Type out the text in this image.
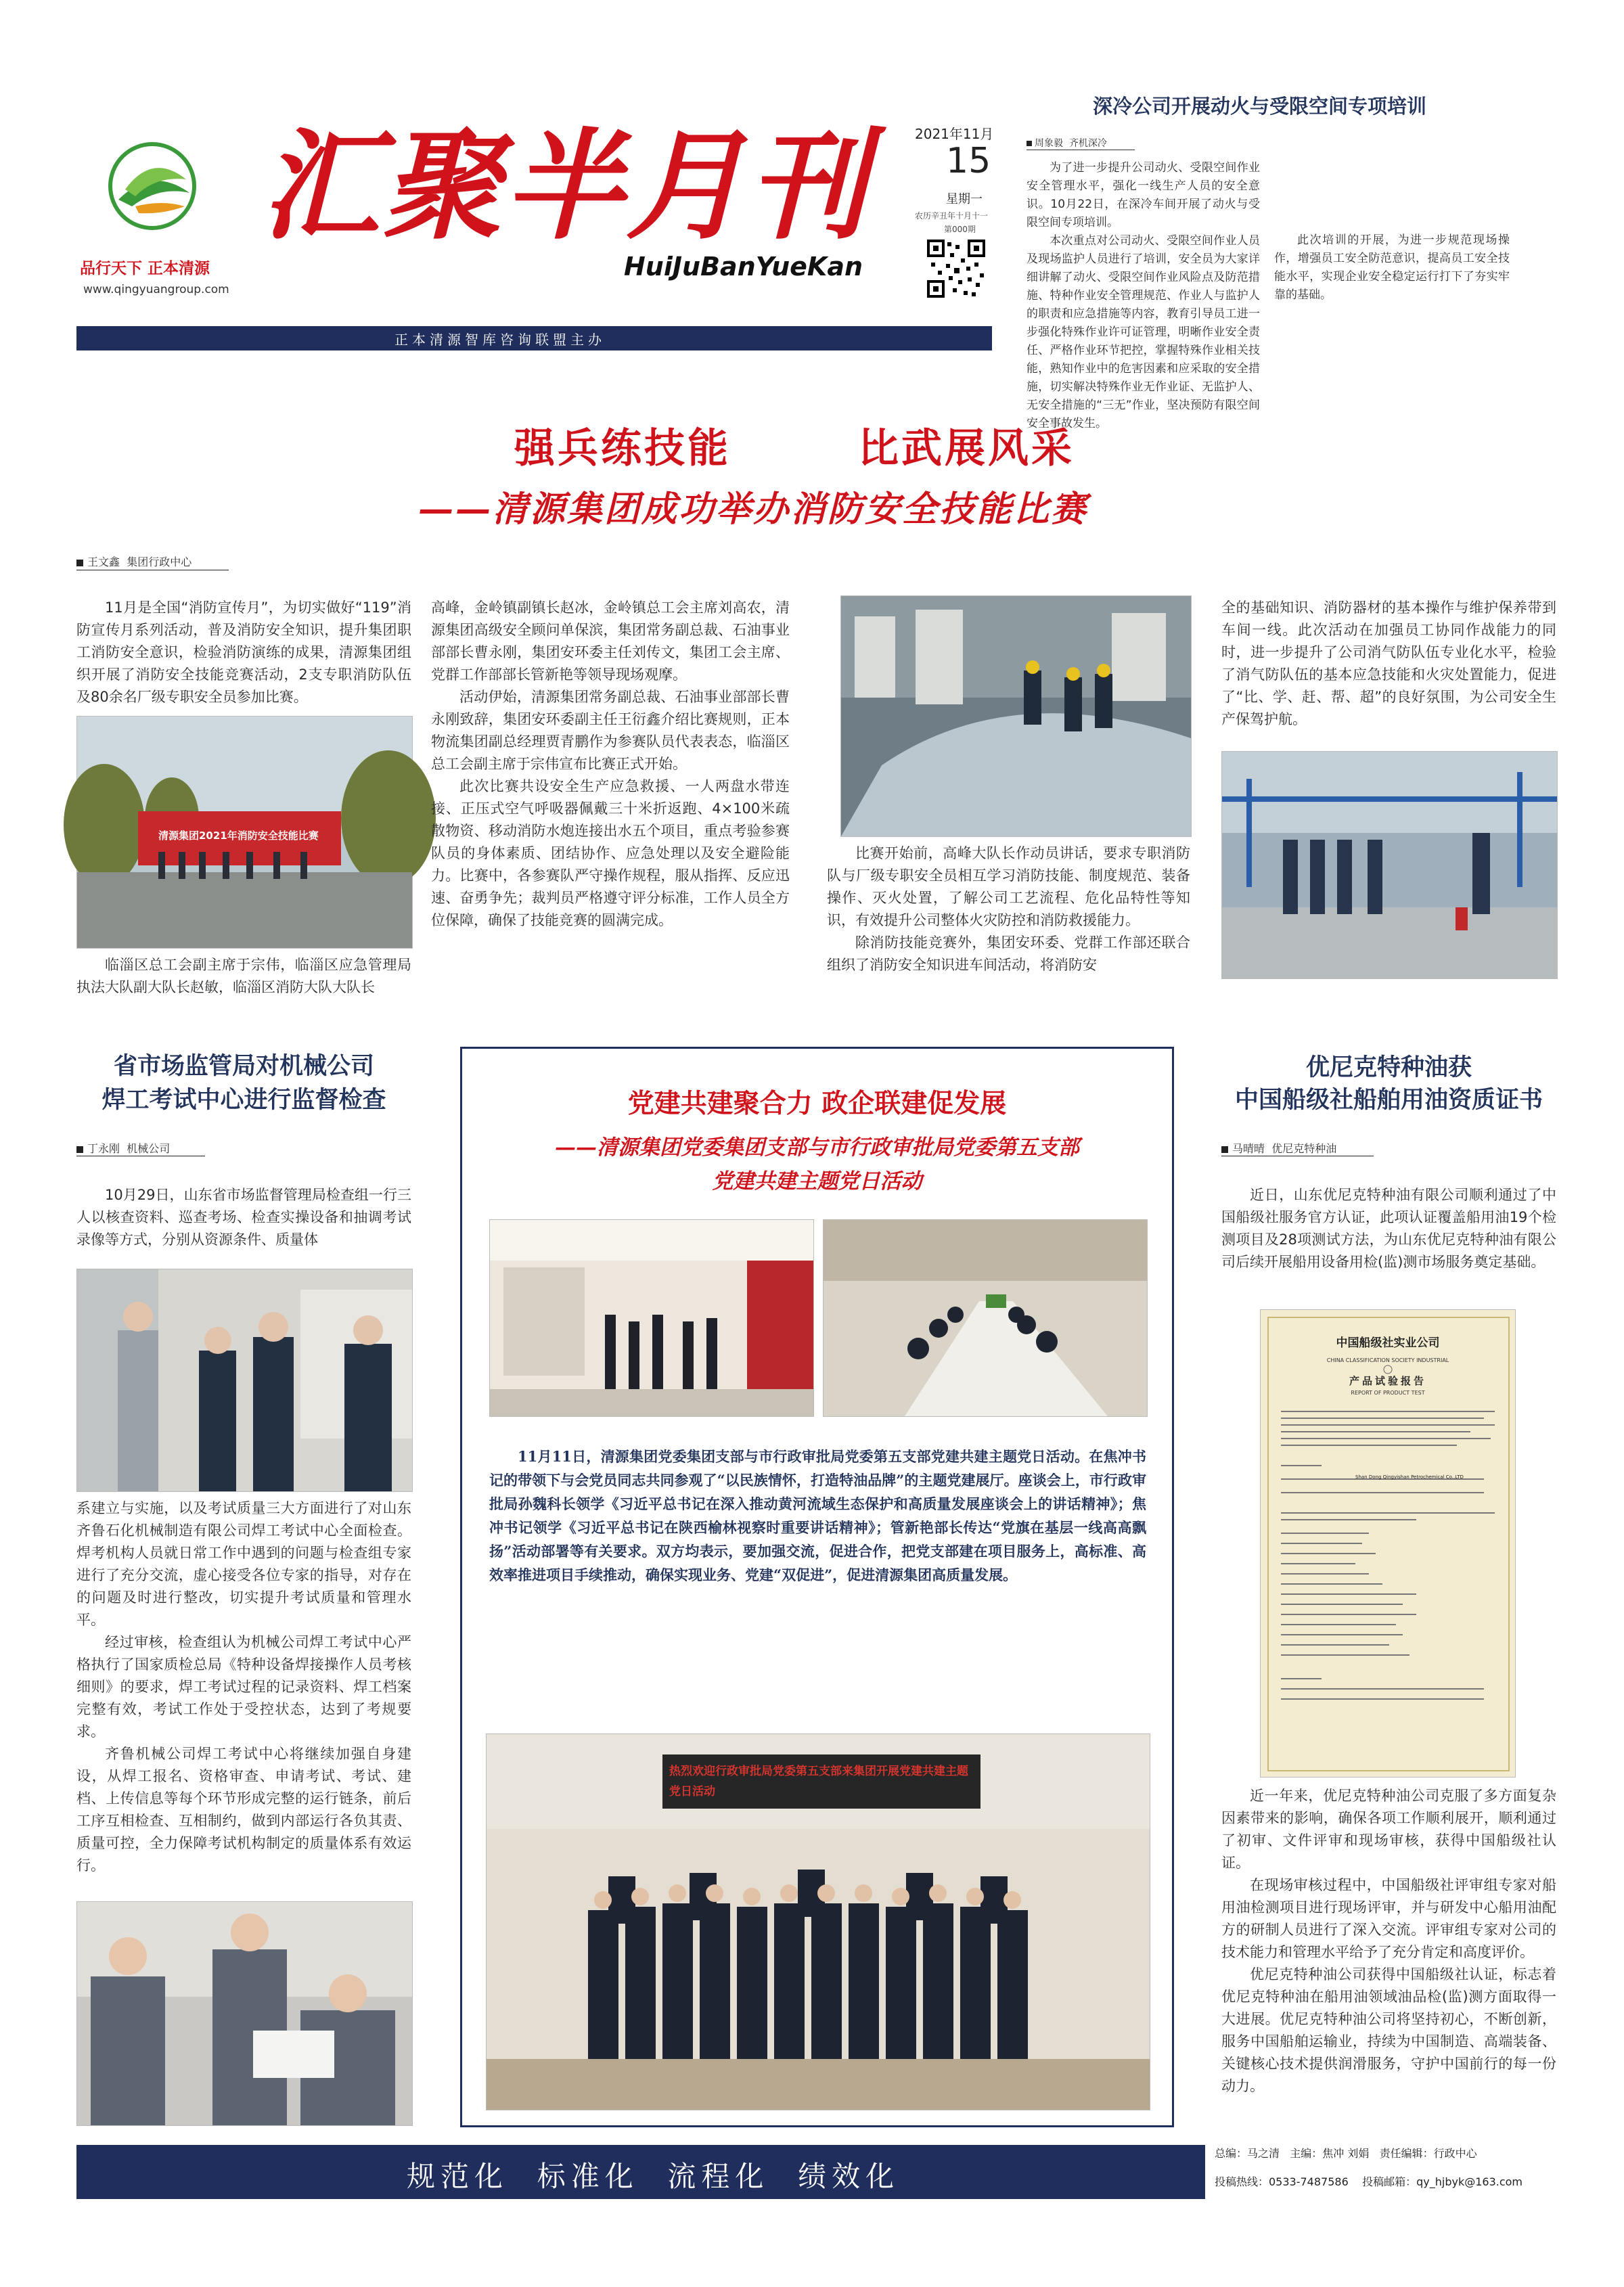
品行天下 正本清源
www.qingyuangroup.com
汇聚半月刊
HuiJuBanYueKan
2021年11月
15
星期一
农历辛丑年十月十一
第000期
正本清源智库咨询联盟主办
深冷公司开展动火与受限空间专项培训
周象毅 齐机深冷
为了进一步提升公司动火、受限空间作业安全管理水平，强化一线生产人员的安全意识。10月22日，在深冷车间开展了动火与受限空间专项培训。
本次重点对公司动火、受限空间作业人员及现场监护人员进行了培训，安全员为大家详细讲解了动火、受限空间作业风险点及防范措施、特种作业安全管理规范、作业人与监护人的职责和应急措施等内容，教育引导员工进一步强化特殊作业许可证管理，明晰作业安全责任、严格作业环节把控，掌握特殊作业相关技能，熟知作业中的危害因素和应采取的安全措施，切实解决特殊作业无作业证、无监护人、无安全措施的“三无”作业，坚决预防有限空间安全事故发生。
此次培训的开展，为进一步规范现场操作，增强员工安全防范意识，提高员工安全技能水平，实现企业安全稳定运行打下了夯实牢靠的基础。
强兵练技能	比武展风采
——清源集团成功举办消防安全技能比赛
王文鑫 集团行政中心

11月是全国“消防宣传月”，为切实做好“119”消防宣传月系列活动，普及消防安全知识，提升集团职工消防安全意识，检验消防演练的成果，清源集团组织开展了消防安全技能竞赛活动，2支专职消防队伍及80余名厂级专职安全员参加比赛。

清源集团2021年消防安全技能比赛

临淄区总工会副主席于宗伟，临淄区应急管理局执法大队副大队长赵敏，临淄区消防大队大队长

高峰，金岭镇副镇长赵冰，金岭镇总工会主席刘高农，清源集团高级安全顾问单保滨，集团常务副总裁、石油事业部部长曹永刚，集团安环委主任刘传文，集团工会主席、党群工作部部长管新艳等领导现场观摩。

活动伊始，清源集团常务副总裁、石油事业部部长曹永刚致辞，集团安环委副主任王衍鑫介绍比赛规则，正本物流集团副总经理贾青鹏作为参赛队员代表表态，临淄区总工会副主席于宗伟宣布比赛正式开始。

此次比赛共设安全生产应急救援、一人两盘水带连接、正压式空气呼吸器佩戴三十米折返跑、4×100米疏散物资、移动消防水炮连接出水五个项目，重点考验参赛队员的身体素质、团结协作、应急处理以及安全避险能力。比赛中，各参赛队严守操作规程，服从指挥、反应迅速、奋勇争先；裁判员严格遵守评分标准，工作人员全方位保障，确保了技能竞赛的圆满完成。

比赛开始前，高峰大队长作动员讲话，要求专职消防队与厂级专职安全员相互学习消防技能、制度规范、装备操作、灭火处置，了解公司工艺流程、危化品特性等知识，有效提升公司整体火灾防控和消防救援能力。

除消防技能竞赛外，集团安环委、党群工作部还联合组织了消防安全知识进车间活动，将消防安

全的基础知识、消防器材的基本操作与维护保养带到车间一线。此次活动在加强员工协同作战能力的同时，进一步提升了公司消气防队伍专业化水平，检验了消气防队伍的基本应急技能和火灾处置能力，促进了“比、学、赶、帮、超”的良好氛围，为公司安全生产保驾护航。

省市场监管局对机械公司
焊工考试中心进行监督检查
丁永刚 机械公司

10月29日，山东省市场监督管理局检查组一行三人以核查资料、巡查考场、检查实操设备和抽调考试录像等方式，分别从资源条件、质量体

系建立与实施，以及考试质量三大方面进行了对山东齐鲁石化机械制造有限公司焊工考试中心全面检查。焊考机构人员就日常工作中遇到的问题与检查组专家进行了充分交流，虚心接受各位专家的指导，对存在的问题及时进行整改，切实提升考试质量和管理水平。

经过审核，检查组认为机械公司焊工考试中心严格执行了国家质检总局《特种设备焊接操作人员考核细则》的要求，焊工考试过程的记录资料、焊工档案完整有效，考试工作处于受控状态，达到了考规要求。

齐鲁机械公司焊工考试中心将继续加强自身建设，从焊工报名、资格审查、申请考试、考试、建档、上传信息等每个环节形成完整的运行链条，前后工序互相检查、互相制约，做到内部运行各负其责、质量可控，全力保障考试机构制定的质量体系有效运行。

党建共建聚合力 政企联建促发展
——清源集团党委集团支部与市行政审批局党委第五支部
党建共建主题党日活动
11月11日，清源集团党委集团支部与市行政审批局党委第五支部党建共建主题党日活动。在焦冲书记的带领下与会党员同志共同参观了“以民族情怀，打造特油品牌”的主题党建展厅。座谈会上，市行政审批局孙魏科长领学《习近平总书记在深入推动黄河流域生态保护和高质量发展座谈会上的讲话精神》；焦冲书记领学《习近平总书记在陕西榆林视察时重要讲话精神》；管新艳部长传达“党旗在基层一线高高飘扬”活动部署等有关要求。双方均表示，要加强交流，促进合作，把党支部建在项目服务上，高标准、高效率推进项目手续推动，确保实现业务、党建“双促进”，促进清源集团高质量发展。
热烈欢迎行政审批局党委第五支部来集团开展党建共建主题党日活动
优尼克特种油获
中国船级社船舶用油资质证书
马晴晴 优尼克特种油

近日，山东优尼克特种油有限公司顺利通过了中国船级社服务官方认证，此项认证覆盖船用油19个检测项目及28项测试方法，为山东优尼克特种油有限公司后续开展船用设备用检(监)测市场服务奠定基础。

中国船级社实业公司
CHINA CLASSIFICATION SOCIETY INDUSTRIAL
产品试验报告
REPORT OF PRODUCT TEST
Shan Dong Qingyishan Petrochemical Co.,LTD

近一年来，优尼克特种油公司克服了多方面复杂因素带来的影响，确保各项工作顺利展开，顺利通过了初审、文件评审和现场审核，获得中国船级社认证。

在现场审核过程中，中国船级社评审组专家对船用油检测项目进行现场评审，并与研发中心船用油配方的研制人员进行了深入交流。评审组专家对公司的技术能力和管理水平给予了充分肯定和高度评价。

优尼克特种油公司获得中国船级社认证，标志着优尼克特种油在船用油领域油品检(监)测方面取得一大进展。优尼克特种油公司将坚持初心，不断创新，服务中国船舶运输业，持续为中国制造、高端装备、关键核心技术提供润滑服务，守护中国前行的每一份动力。

规范化  标准化  流程化  绩效化
总编：马之清 主编：焦冲 刘娟 责任编辑：行政中心
投稿热线：0533-7487586 投稿邮箱：qy_hjbyk@163.com
